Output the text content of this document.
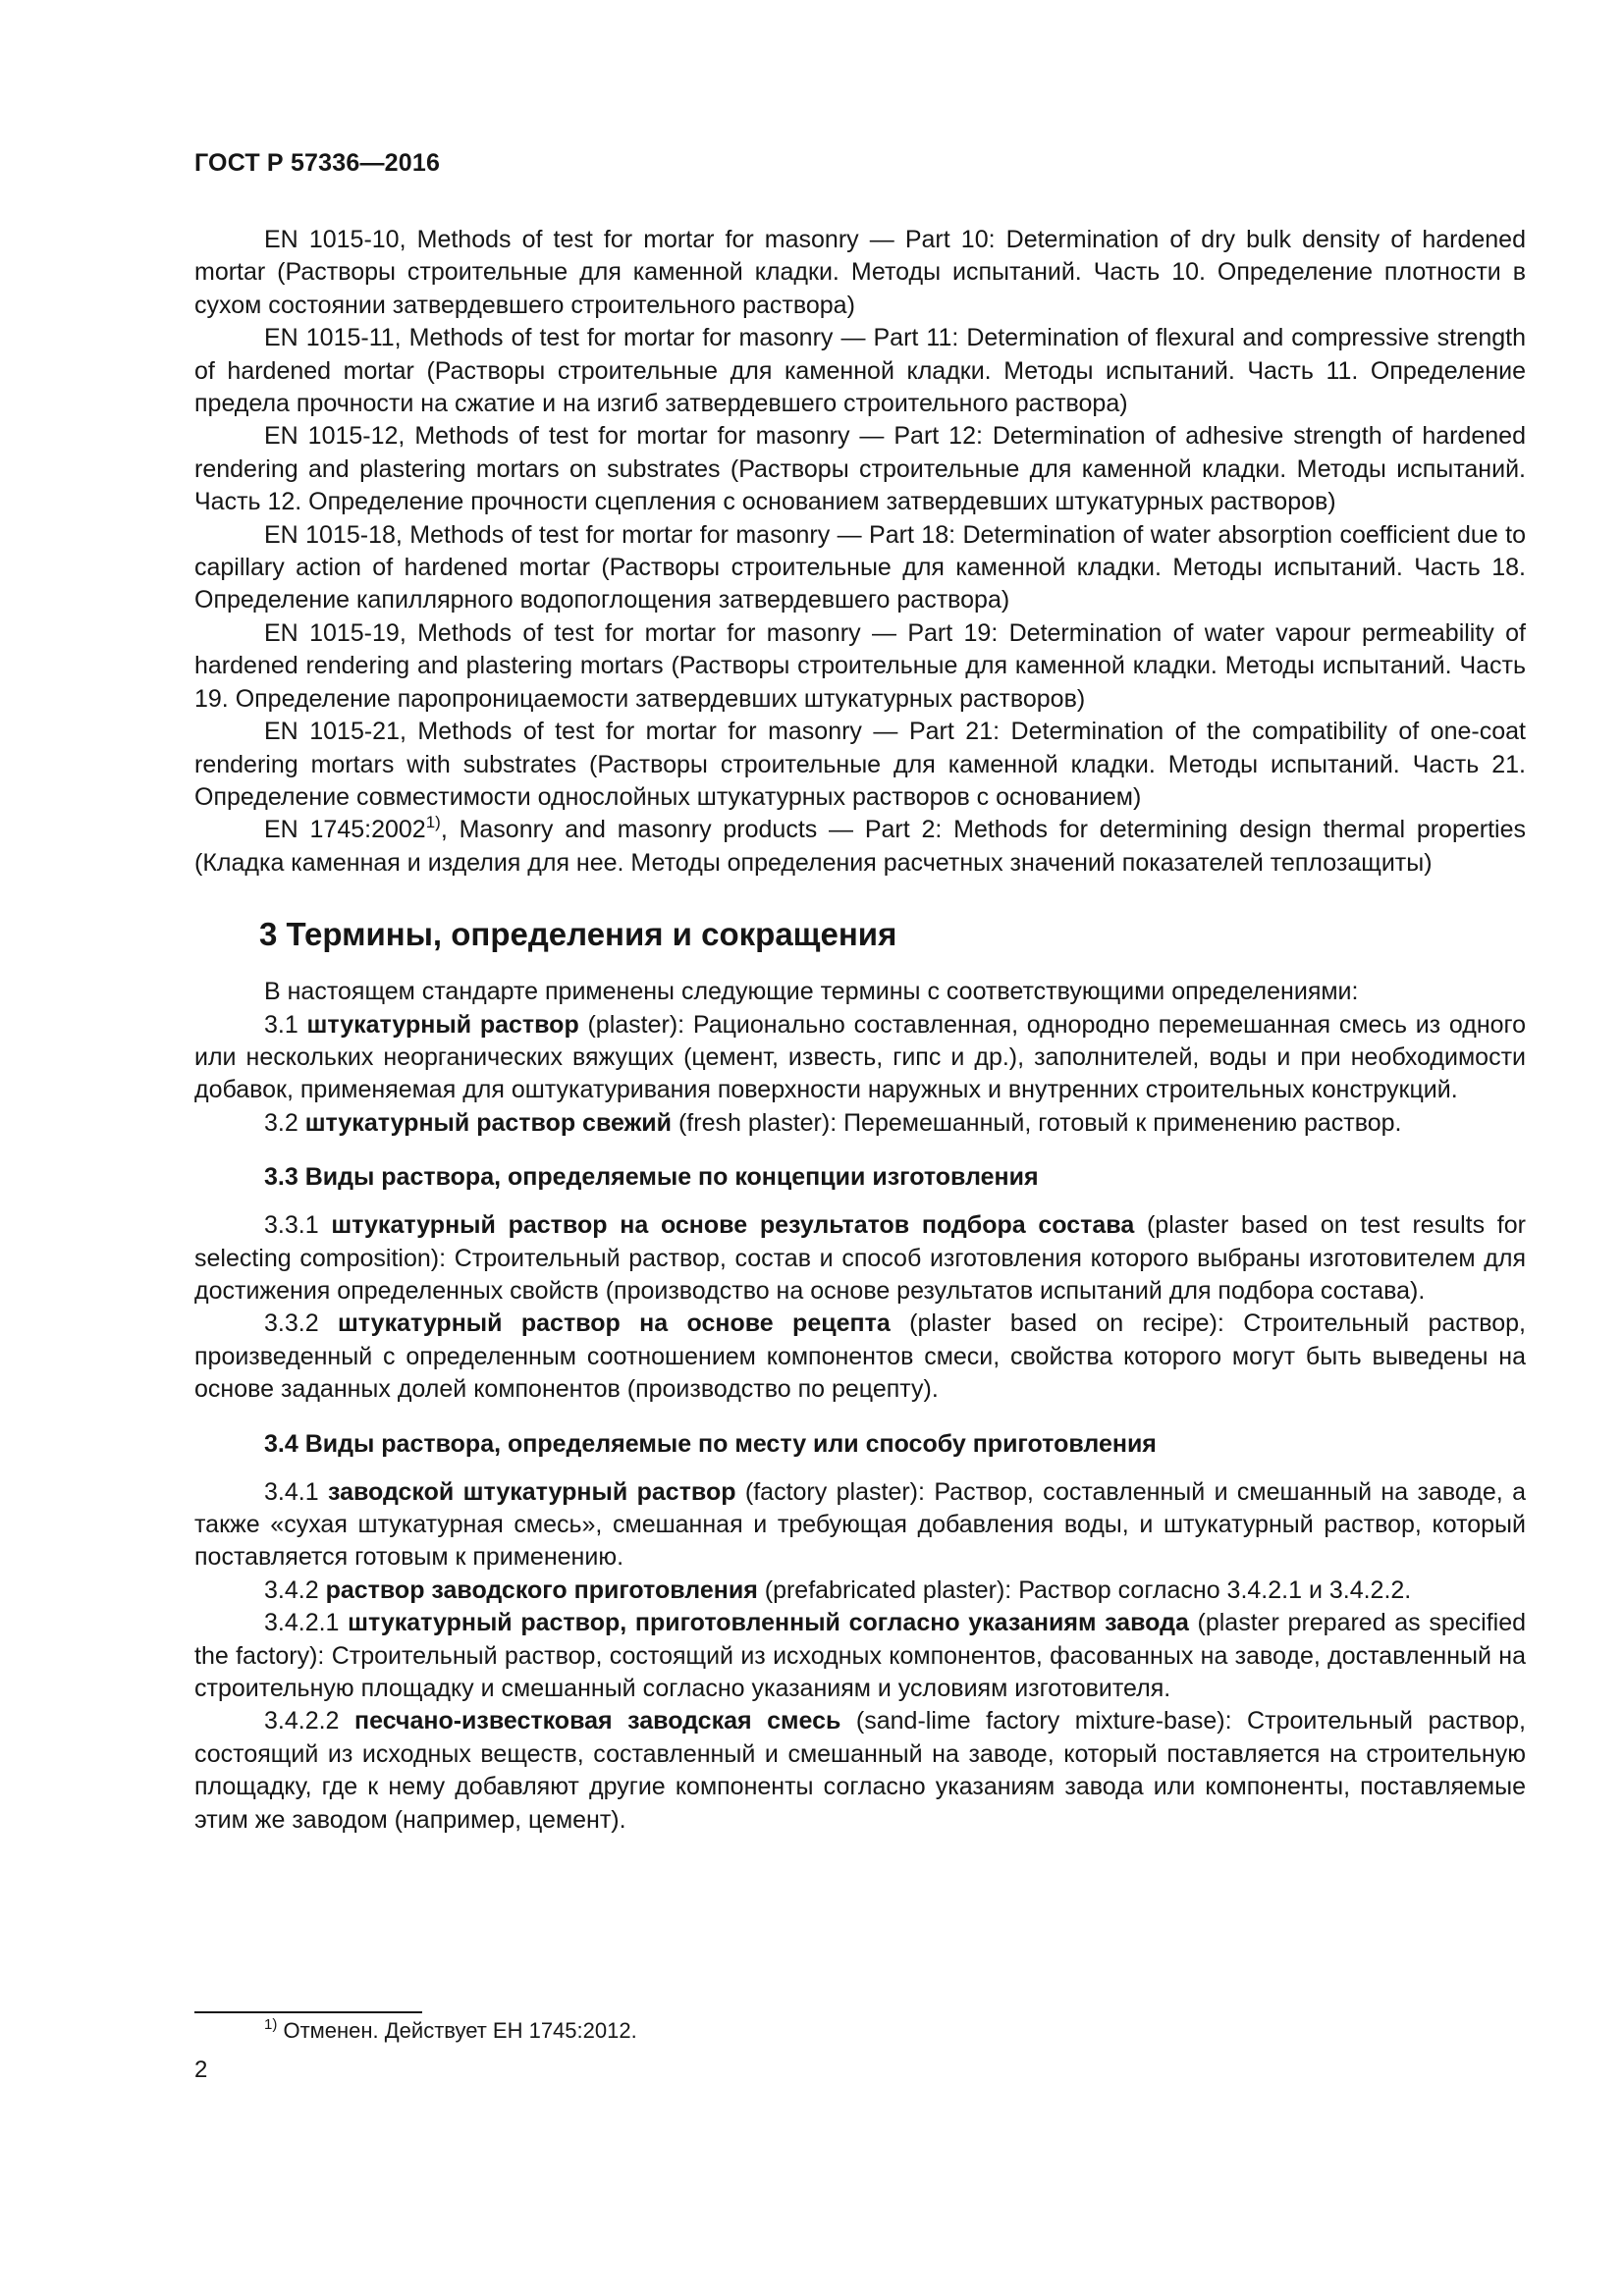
ГОСТ Р 57336—2016

EN 1015-10, Methods of test for mortar for masonry — Part 10: Determination of dry bulk density of hardened mortar (Растворы строительные для каменной кладки. Методы испытаний. Часть 10. Определение плотности в сухом состоянии затвердевшего строительного раствора)

EN 1015-11, Methods of test for mortar for masonry — Part 11: Determination of flexural and compressive strength of hardened mortar (Растворы строительные для каменной кладки. Методы испытаний. Часть 11. Определение предела прочности на сжатие и на изгиб затвердевшего строительного раствора)

EN 1015-12, Methods of test for mortar for masonry — Part 12: Determination of adhesive strength of hardened rendering and plastering mortars on substrates (Растворы строительные для каменной кладки. Методы испытаний. Часть 12. Определение прочности сцепления с основанием затвердевших штукатурных растворов)

EN 1015-18, Methods of test for mortar for masonry — Part 18: Determination of water absorption coefficient due to capillary action of hardened mortar (Растворы строительные для каменной кладки. Методы испытаний. Часть 18. Определение капиллярного водопоглощения затвердевшего раствора)

EN 1015-19, Methods of test for mortar for masonry — Part 19: Determination of water vapour permeability of hardened rendering and plastering mortars (Растворы строительные для каменной кладки. Методы испытаний. Часть 19. Определение паропроницаемости затвердевших штукатурных растворов)

EN 1015-21, Methods of test for mortar for masonry — Part 21: Determination of the compatibility of one-coat rendering mortars with substrates (Растворы строительные для каменной кладки. Методы испытаний. Часть 21. Определение совместимости однослойных штукатурных растворов с основанием)

EN 1745:2002$^{1)}$, Masonry and masonry products — Part 2: Methods for determining design thermal properties (Кладка каменная и изделия для нее. Методы определения расчетных значений показателей теплозащиты)

3 Термины, определения и сокращения

В настоящем стандарте применены следующие термины с соответствующими определениями:

3.1 штукатурный раствор (plaster): Рационально составленная, однородно перемешанная смесь из одного или нескольких неорганических вяжущих (цемент, известь, гипс и др.), заполнителей, воды и при необходимости добавок, применяемая для оштукатуривания поверхности наружных и внутренних строительных конструкций.

3.2 штукатурный раствор свежий (fresh plaster): Перемешанный, готовый к применению раствор.

3.3 Виды раствора, определяемые по концепции изготовления

3.3.1 штукатурный раствор на основе результатов подбора состава (plaster based on test results for selecting composition): Строительный раствор, состав и способ изготовления которого выбраны изготовителем для достижения определенных свойств (производство на основе результатов испытаний для подбора состава).

3.3.2 штукатурный раствор на основе рецепта (plaster based on recipe): Строительный раствор, произведенный с определенным соотношением компонентов смеси, свойства которого могут быть выведены на основе заданных долей компонентов (производство по рецепту).

3.4 Виды раствора, определяемые по месту или способу приготовления

3.4.1 заводской штукатурный раствор (factory plaster): Раствор, составленный и смешанный на заводе, а также «сухая штукатурная смесь», смешанная и требующая добавления воды, и штукатурный раствор, который поставляется готовым к применению.

3.4.2 раствор заводского приготовления (prefabricated plaster): Раствор согласно 3.4.2.1 и 3.4.2.2.

3.4.2.1 штукатурный раствор, приготовленный согласно указаниям завода (plaster prepared as specified the factory): Строительный раствор, состоящий из исходных компонентов, фасованных на заводе, доставленный на строительную площадку и смешанный согласно указаниям и условиям изготовителя.

3.4.2.2 песчано-известковая заводская смесь (sand-lime factory mixture-base): Строительный раствор, состоящий из исходных веществ, составленный и смешанный на заводе, который поставляется на строительную площадку, где к нему добавляют другие компоненты согласно указаниям завода или компоненты, поставляемые этим же заводом (например, цемент).

$^{1)}$ Отменен. Действует ЕН 1745:2012.
2
